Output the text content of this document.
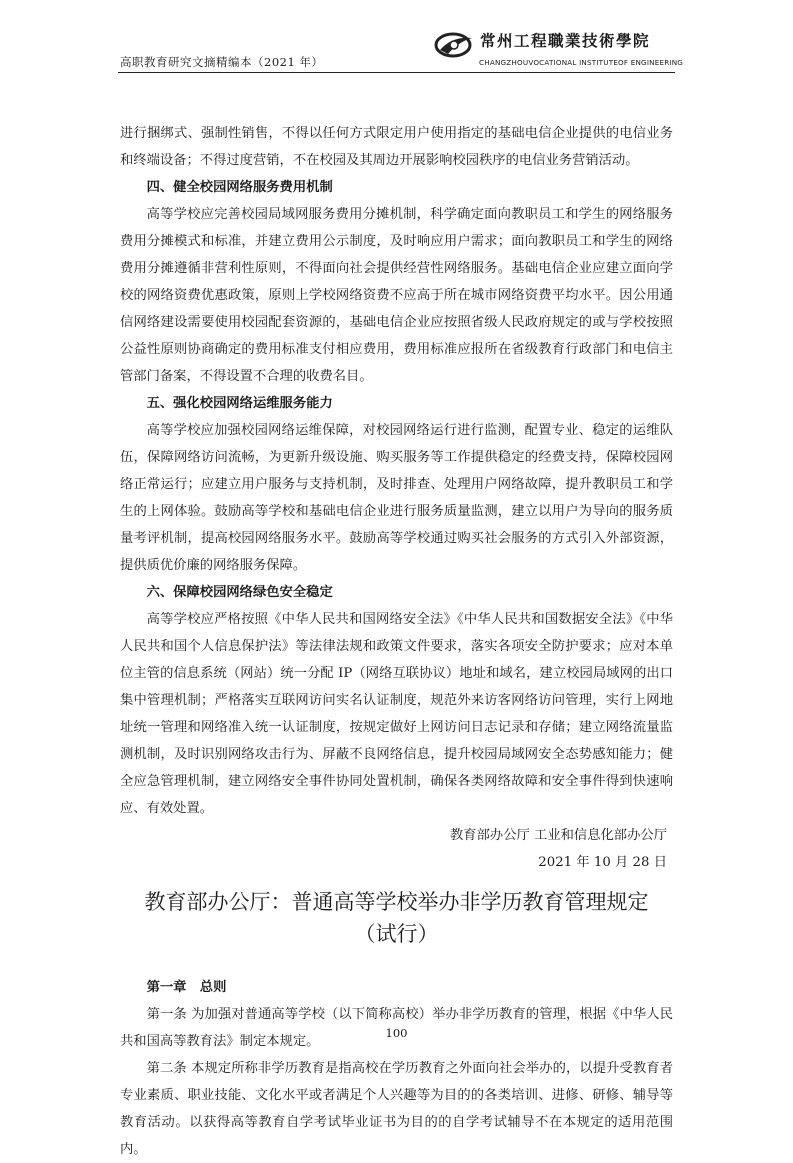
高职教育研究文摘精编本（2021 年）
常州工程職業技術學院
CHANGZHOUVOCATIONAL INSTITUTEOF ENGINEERING

进行捆绑式、强制性销售，不得以任何方式限定用户使用指定的基础电信企业提供的电信业务和终端设备；不得过度营销，不在校园及其周边开展影响校园秩序的电信业务营销活动。

四、健全校园网络服务费用机制

高等学校应完善校园局域网服务费用分摊机制，科学确定面向教职员工和学生的网络服务费用分摊模式和标准，并建立费用公示制度，及时响应用户需求；面向教职员工和学生的网络费用分摊遵循非营利性原则，不得面向社会提供经营性网络服务。基础电信企业应建立面向学校的网络资费优惠政策，原则上学校网络资费不应高于所在城市网络资费平均水平。因公用通信网络建设需要使用校园配套资源的，基础电信企业应按照省级人民政府规定的或与学校按照公益性原则协商确定的费用标准支付相应费用，费用标准应报所在省级教育行政部门和电信主管部门备案，不得设置不合理的收费名目。

五、强化校园网络运维服务能力

高等学校应加强校园网络运维保障，对校园网络运行进行监测，配置专业、稳定的运维队伍，保障网络访问流畅，为更新升级设施、购买服务等工作提供稳定的经费支持，保障校园网络正常运行；应建立用户服务与支持机制，及时排查、处理用户网络故障，提升教职员工和学生的上网体验。鼓励高等学校和基础电信企业进行服务质量监测，建立以用户为导向的服务质量考评机制，提高校园网络服务水平。鼓励高等学校通过购买社会服务的方式引入外部资源，提供质优价廉的网络服务保障。

六、保障校园网络绿色安全稳定

高等学校应严格按照《中华人民共和国网络安全法》《中华人民共和国数据安全法》《中华人民共和国个人信息保护法》等法律法规和政策文件要求，落实各项安全防护要求；应对本单位主管的信息系统（网站）统一分配 IP（网络互联协议）地址和域名，建立校园局域网的出口集中管理机制；严格落实互联网访问实名认证制度，规范外来访客网络访问管理，实行上网地址统一管理和网络准入统一认证制度，按规定做好上网访问日志记录和存储；建立网络流量监测机制，及时识别网络攻击行为、屏蔽不良网络信息，提升校园局域网安全态势感知能力；健全应急管理机制，建立网络安全事件协同处置机制，确保各类网络故障和安全事件得到快速响应、有效处置。

教育部办公厅 工业和信息化部办公厅

2021 年 10 月 28 日

教育部办公厅：普通高等学校举办非学历教育管理规定
（试行）

第一章　总则

第一条 为加强对普通高等学校（以下简称高校）举办非学历教育的管理，根据《中华人民共和国高等教育法》制定本规定。

第二条 本规定所称非学历教育是指高校在学历教育之外面向社会举办的，以提升受教育者专业素质、职业技能、文化水平或者满足个人兴趣等为目的的各类培训、进修、研修、辅导等教育活动。以获得高等教育自学考试毕业证书为目的的自学考试辅导不在本规定的适用范围内。

100
